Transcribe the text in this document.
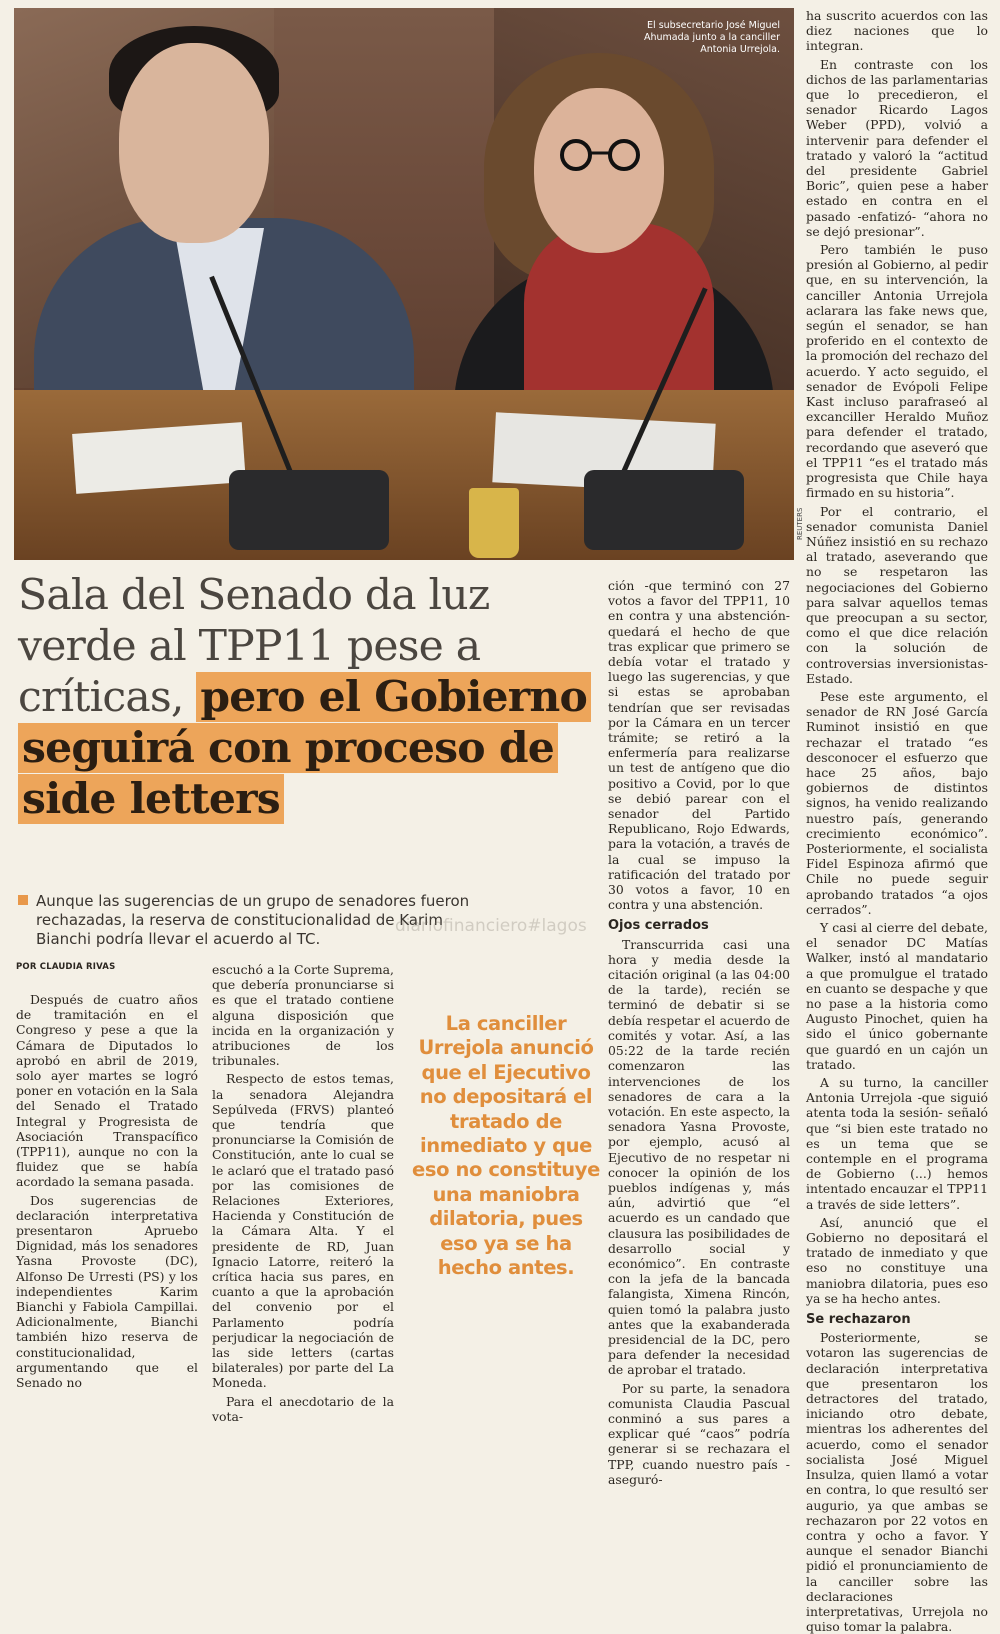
El subsecretario José Miguel Ahumada junto a la canciller Antonia Urrejola.
REUTERS
Sala del Senado da luz verde al TPP11 pese a críticas, pero el Gobierno seguirá con proceso de side letters

Aunque las sugerencias de un grupo de senadores fueron rechazadas, la reserva de constitucionalidad de Karim Bianchi podría llevar el acuerdo al TC.

diariofinanciero#lagos
POR CLAUDIA RIVAS

Después de cuatro años de tramitación en el Congreso y pese a que la Cámara de Diputados lo aprobó en abril de 2019, solo ayer martes se logró poner en votación en la Sala del Senado el Tratado Integral y Progresista de Asociación Transpacífico (TPP11), aunque no con la fluidez que se había acordado la semana pasada.

Dos sugerencias de declaración interpretativa presentaron Apruebo Dignidad, más los senadores Yasna Provoste (DC), Alfonso De Urresti (PS) y los independientes Karim Bianchi y Fabiola Campillai. Adicionalmente, Bianchi también hizo reserva de constitucionalidad, argumentando que el Senado no

escuchó a la Corte Suprema, que debería pronunciarse si es que el tratado contiene alguna disposición que incida en la organización y atribuciones de los tribunales.

Respecto de estos temas, la senadora Alejandra Sepúlveda (FRVS) planteó que tendría que pronunciarse la Comisión de Constitución, ante lo cual se le aclaró que el tratado pasó por las comisiones de Relaciones Exteriores, Hacienda y Constitución de la Cámara Alta. Y el presidente de RD, Juan Ignacio Latorre, reiteró la crítica hacia sus pares, en cuanto a que la aprobación del convenio por el Parlamento podría perjudicar la negociación de las side letters (cartas bilaterales) por parte del La Moneda.

Para el anecdotario de la vota-

La canciller Urrejola anunció que el Ejecutivo no depositará el tratado de inmediato y que eso no constituye una maniobra dilatoria, pues eso ya se ha hecho antes.

ción -que terminó con 27 votos a favor del TPP11, 10 en contra y una abstención- quedará el hecho de que tras explicar que primero se debía votar el tratado y luego las sugerencias, y que si estas se aprobaban tendrían que ser revisadas por la Cámara en un tercer trámite; se retiró a la enfermería para realizarse un test de antígeno que dio positivo a Covid, por lo que se debió parear con el senador del Partido Republicano, Rojo Edwards, para la votación, a través de la cual se impuso la ratificación del tratado por 30 votos a favor, 10 en contra y una abstención.

Ojos cerrados

Transcurrida casi una hora y media desde la citación original (a las 04:00 de la tarde), recién se terminó de debatir si se debía respetar el acuerdo de comités y votar. Así, a las 05:22 de la tarde recién comenzaron las intervenciones de los senadores de cara a la votación. En este aspecto, la senadora Yasna Provoste, por ejemplo, acusó al Ejecutivo de no respetar ni conocer la opinión de los pueblos indígenas y, más aún, advirtió que “el acuerdo es un candado que clausura las posibilidades de desarrollo social y económico”. En contraste con la jefa de la bancada falangista, Ximena Rincón, quien tomó la palabra justo antes que la exabanderada presidencial de la DC, pero para defender la necesidad de aprobar el tratado.

Por su parte, la senadora comunista Claudia Pascual conminó a sus pares a explicar qué “caos” podría generar si se rechazara el TPP, cuando nuestro país -aseguró-

ha suscrito acuerdos con las diez naciones que lo integran.

En contraste con los dichos de las parlamentarias que lo precedieron, el senador Ricardo Lagos Weber (PPD), volvió a intervenir para defender el tratado y valoró la “actitud del presidente Gabriel Boric”, quien pese a haber estado en contra en el pasado -enfatizó- “ahora no se dejó presionar”.

Pero también le puso presión al Gobierno, al pedir que, en su intervención, la canciller Antonia Urrejola aclarara las fake news que, según el senador, se han proferido en el contexto de la promoción del rechazo del acuerdo. Y acto seguido, el senador de Evópoli Felipe Kast incluso parafraseó al excanciller Heraldo Muñoz para defender el tratado, recordando que aseveró que el TPP11 “es el tratado más progresista que Chile haya firmado en su historia”.

Por el contrario, el senador comunista Daniel Núñez insistió en su rechazo al tratado, aseverando que no se respetaron las negociaciones del Gobierno para salvar aquellos temas que preocupan a su sector, como el que dice relación con la solución de controversias inversionistas-Estado.

Pese este argumento, el senador de RN José García Ruminot insistió en que rechazar el tratado “es desconocer el esfuerzo que hace 25 años, bajo gobiernos de distintos signos, ha venido realizando nuestro país, generando crecimiento económico”. Posteriormente, el socialista Fidel Espinoza afirmó que Chile no puede seguir aprobando tratados “a ojos cerrados”.

Y casi al cierre del debate, el senador DC Matías Walker, instó al mandatario a que promulgue el tratado en cuanto se despache y que no pase a la historia como Augusto Pinochet, quien ha sido el único gobernante que guardó en un cajón un tratado.

A su turno, la canciller Antonia Urrejola -que siguió atenta toda la sesión- señaló que “si bien este tratado no es un tema que se contemple en el programa de Gobierno (...) hemos intentado encauzar el TPP11 a través de side letters”.

Así, anunció que el Gobierno no depositará el tratado de inmediato y que eso no constituye una maniobra dilatoria, pues eso ya se ha hecho antes.

Se rechazaron

Posteriormente, se votaron las sugerencias de declaración interpretativa que presentaron los detractores del tratado, iniciando otro debate, mientras los adherentes del acuerdo, como el senador socialista José Miguel Insulza, quien llamó a votar en contra, lo que resultó ser augurio, ya que ambas se rechazaron por 22 votos en contra y ocho a favor. Y aunque el senador Bianchi pidió el pronunciamiento de la canciller sobre las declaraciones interpretativas, Urrejola no quiso tomar la palabra.
